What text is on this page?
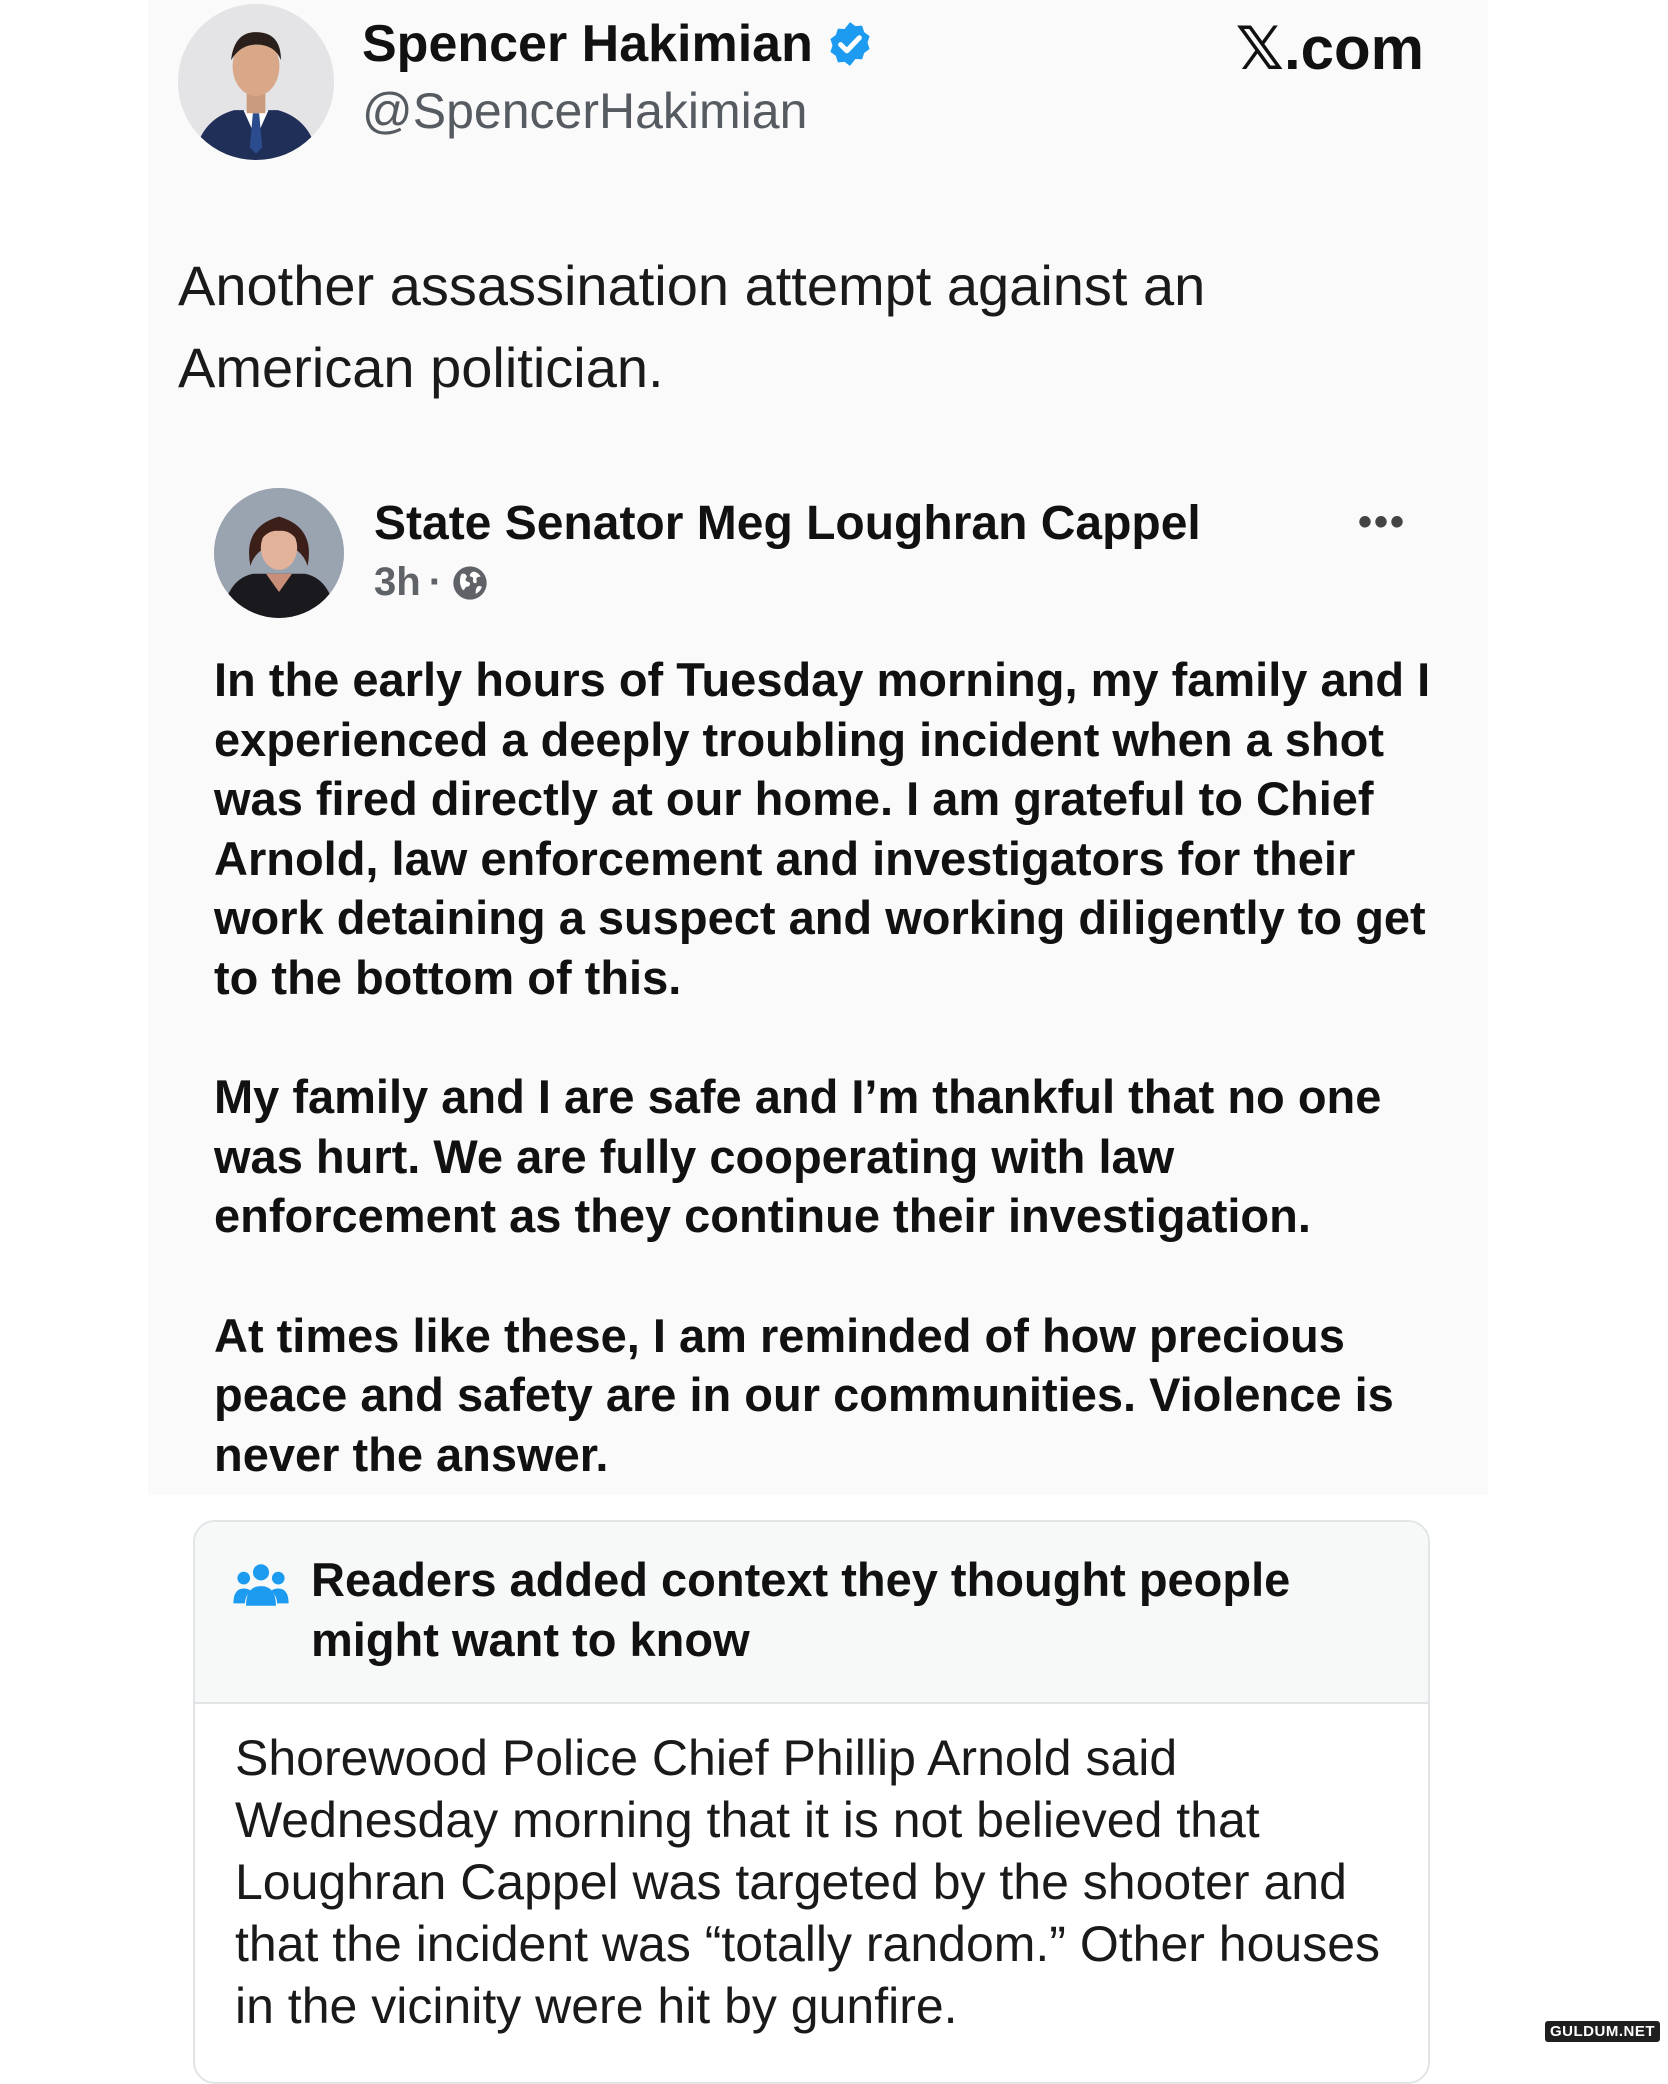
Spencer Hakimian
@SpencerHakimian
𝕏.com
Another assassination attempt against an American politician.
State Senator Meg Loughran Cappel	•••
3h ·

In the early hours of Tuesday morning, my family and I experienced a deeply troubling incident when a shot was fired directly at our home. I am grateful to Chief Arnold, law enforcement and investigators for their work detaining a suspect and working diligently to get to the bottom of this.

My family and I are safe and I’m thankful that no one was hurt. We are fully cooperating with law enforcement as they continue their investigation.

At times like these, I am reminded of how precious peace and safety are in our communities. Violence is never the answer.

Readers added context they thought people might want to know
Shorewood Police Chief Phillip Arnold said Wednesday morning that it is not believed that Loughran Cappel was targeted by the shooter and that the incident was “totally random.” Other houses in the vicinity were hit by gunfire.	GULDUM.NET
